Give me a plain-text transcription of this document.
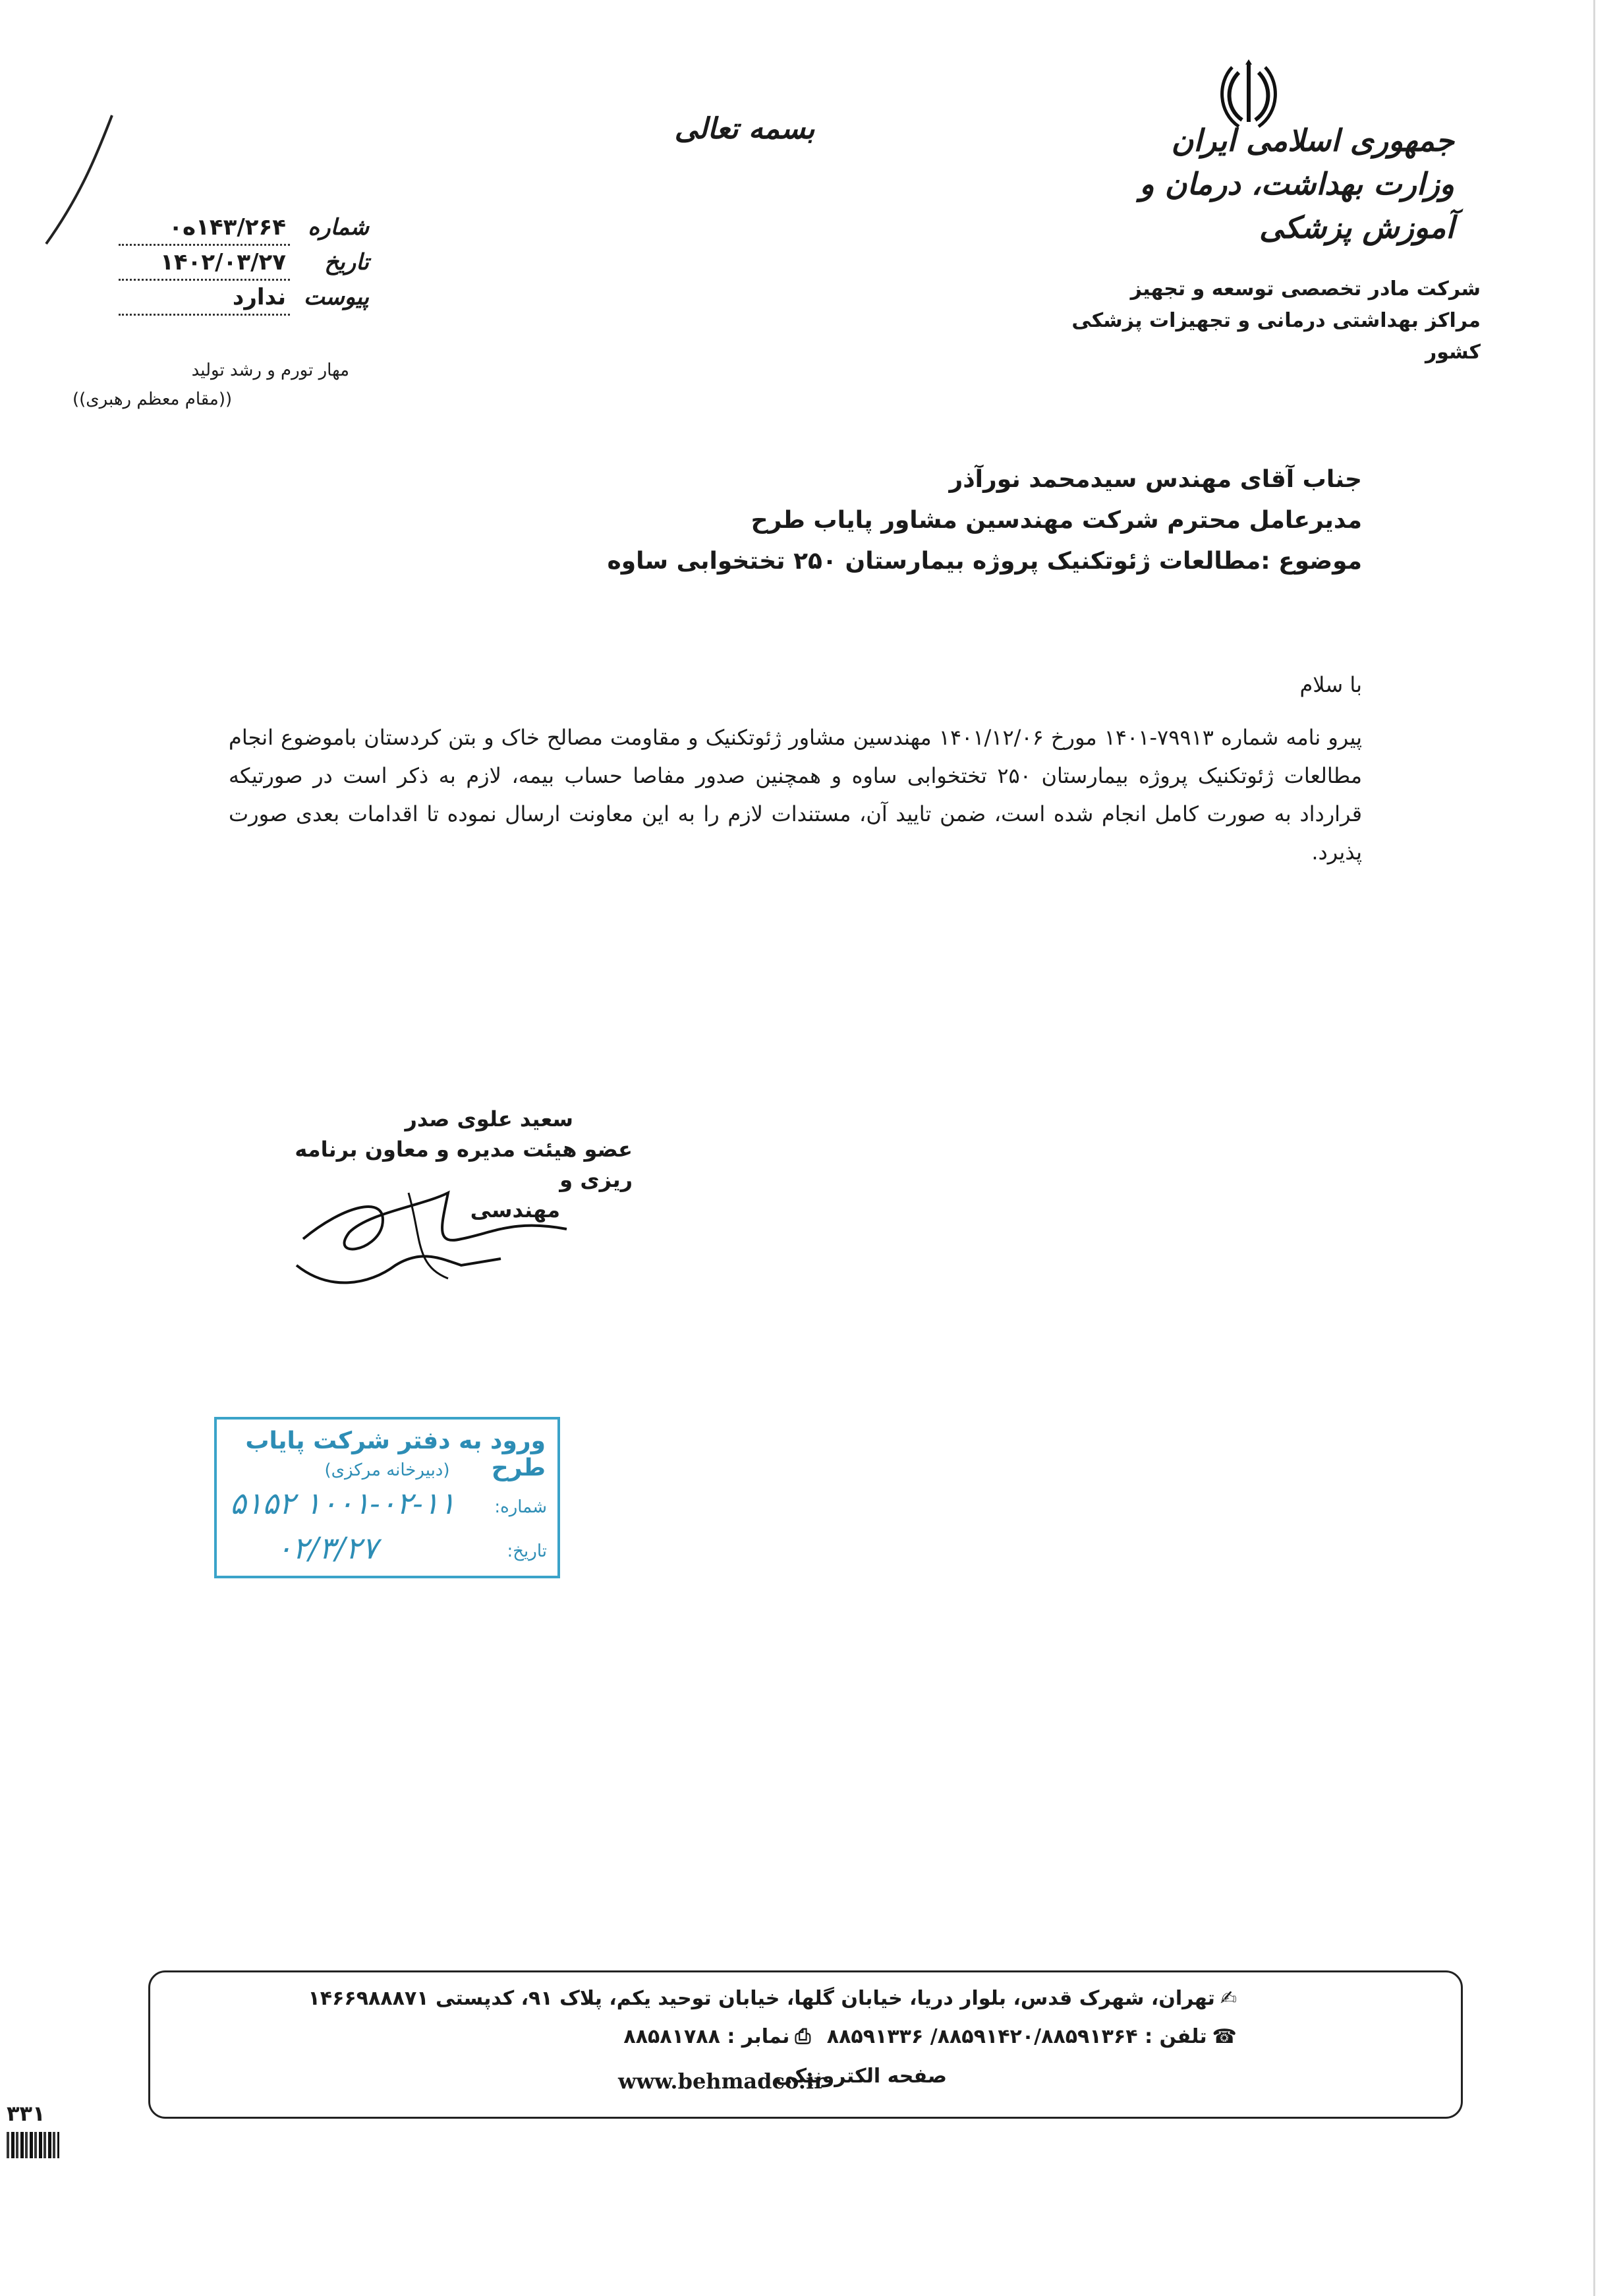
بسمه تعالی	جمهوری اسلامی ایران
وزارت بهداشت، درمان و آموزش پزشکی
شرکت مادر تخصصی توسعه و تجهیز
مراکز بهداشتی درمانی و تجهیزات پزشکی کشور
شماره
۱۴۳/۲۶۴ه۰
تاریخ
۱۴۰۲/۰۳/۲۷
پیوست
ندارد
مهار تورم و رشد تولید
((مقام معظم رهبری))
جناب آقای مهندس سیدمحمد نورآذر
مدیرعامل محترم شرکت مهندسین مشاور پایاب طرح
موضوع :مطالعات ژئوتکنیک پروژه بیمارستان ۲۵۰ تختخوابی ساوه
با سلام
پیرو نامه شماره ۷۹۹۱۳-۱۴۰۱ مورخ ۱۴۰۱/۱۲/۰۶ مهندسین مشاور ژئوتکنیک و مقاومت مصالح خاک و بتن کردستان باموضوع انجام مطالعات ژئوتکنیک پروژه بیمارستان ۲۵۰ تختخوابی ساوه و همچنین صدور مفاصا حساب بیمه، لازم به ذکر است در صورتیکه قرارداد به صورت کامل انجام شده است، ضمن تایید آن، مستندات لازم را به این معاونت ارسال نموده تا اقدامات بعدی صورت پذیرد.
سعید علوی صدر
عضو هیئت مدیره و معاون برنامه ریزی و
مهندسی
ورود به دفتر شرکت پایاب طرح
(دبیرخانه مرکزی)
شماره:
۱۰۰۱-۰۲-۱۱ ۵۱۵۲
تاریخ:
۰۲/۳/۲۷
✍تهران، شهرک قدس، بلوار دریا، خیابان گلها، خیابان توحید یکم، پلاک ۹۱، کدپستی ۱۴۶۶۹۸۸۸۷۱
☎تلفن : ۸۸۵۹۱۴۲۰/۸۸۵۹۱۳۶۴/ ۸۸۵۹۱۳۳۶ ⎙نمابر : ۸۸۵۸۱۷۸۸
صفحه الکترونیکی
www.behmadco.ir
۳۳۱
